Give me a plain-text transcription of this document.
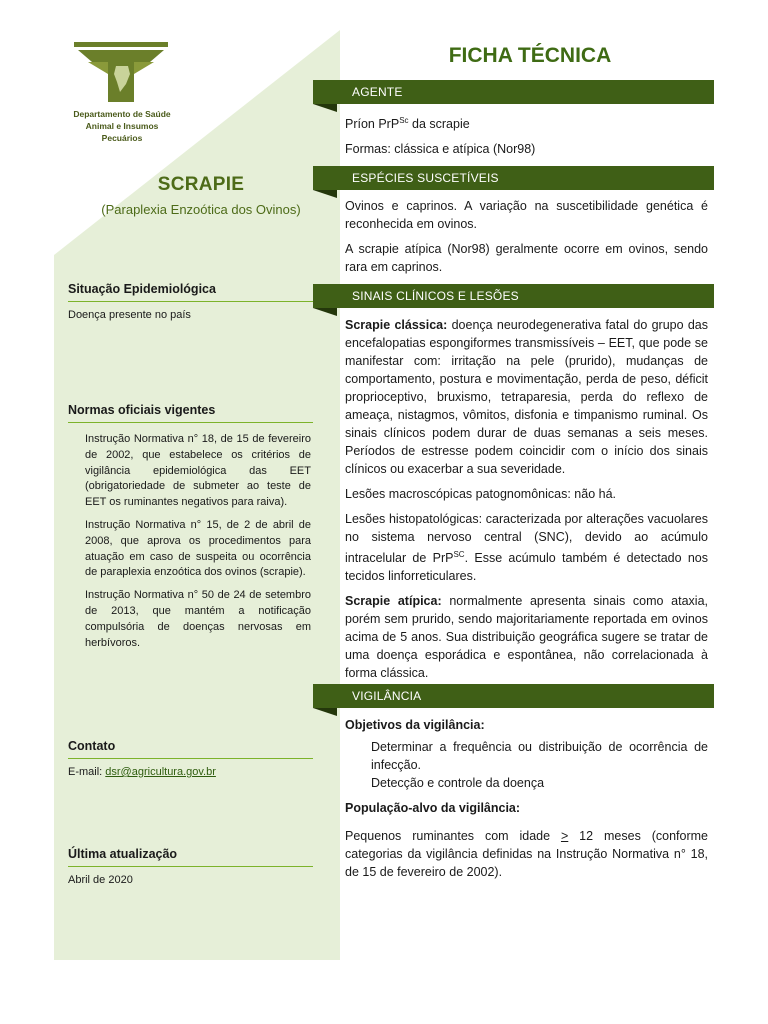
Departamento de Saúde
Animal e Insumos
Pecuários
SCRAPIE
(Paraplexia Enzoótica dos Ovinos)
Situação Epidemiológica
Doença presente no país
Normas oficiais vigentes

Instrução Normativa n° 18, de 15 de fevereiro de 2002, que estabelece os critérios de vigilância epidemiológica das EET (obrigatoriedade de submeter ao teste de EET os ruminantes negativos para raiva).

Instrução Normativa n° 15, de 2 de abril de 2008, que aprova os procedimentos para atuação em caso de suspeita ou ocorrência de paraplexia enzoótica dos ovinos (scrapie).

Instrução Normativa n° 50 de 24 de setembro de 2013, que mantém a notificação compulsória de doenças nervosas em herbívoros.

Contato
E-mail: dsr@agricultura.gov.br
Última atualização
Abril de 2020
FICHA TÉCNICA
AGENTE

Príon PrP$^{Sc}$ da scrapie

Formas: clássica e atípica (Nor98)

ESPÉCIES SUSCETÍVEIS

Ovinos e caprinos. A variação na suscetibilidade genética é reconhecida em ovinos.

A scrapie atípica (Nor98) geralmente ocorre em ovinos, sendo rara em caprinos.

SINAIS CLÍNICOS E LESÕES

Scrapie clássica: doença neurodegenerativa fatal do grupo das encefalopatias espongiformes transmissíveis – EET, que pode se manifestar com: irritação na pele (prurido), mudanças de comportamento, postura e movimentação, perda de peso, déficit proprioceptivo, bruxismo, tetraparesia, perda do reflexo de ameaça, nistagmos, vômitos, disfonia e timpanismo ruminal. Os sinais clínicos podem durar de duas semanas a seis meses. Períodos de estresse podem coincidir com o início dos sinais clínicos ou exacerbar a sua severidade.

Lesões macroscópicas patognomônicas: não há.

Lesões histopatológicas: caracterizada por alterações vacuolares no sistema nervoso central (SNC), devido ao acúmulo intracelular de PrP$^{SC}$. Esse acúmulo também é detectado nos tecidos linforreticulares.

Scrapie atípica: normalmente apresenta sinais como ataxia, porém sem prurido, sendo majoritariamente reportada em ovinos acima de 5 anos. Sua distribuição geográfica sugere se tratar de uma doença esporádica e espontânea, não correlacionada à forma clássica.

VIGILÂNCIA

Objetivos da vigilância:

Determinar a frequência ou distribuição de ocorrência de infecção.

Detecção e controle da doença

População-alvo da vigilância:

Pequenos ruminantes com idade > 12 meses (conforme categorias da vigilância definidas na Instrução Normativa n° 18, de 15 de fevereiro de 2002).
